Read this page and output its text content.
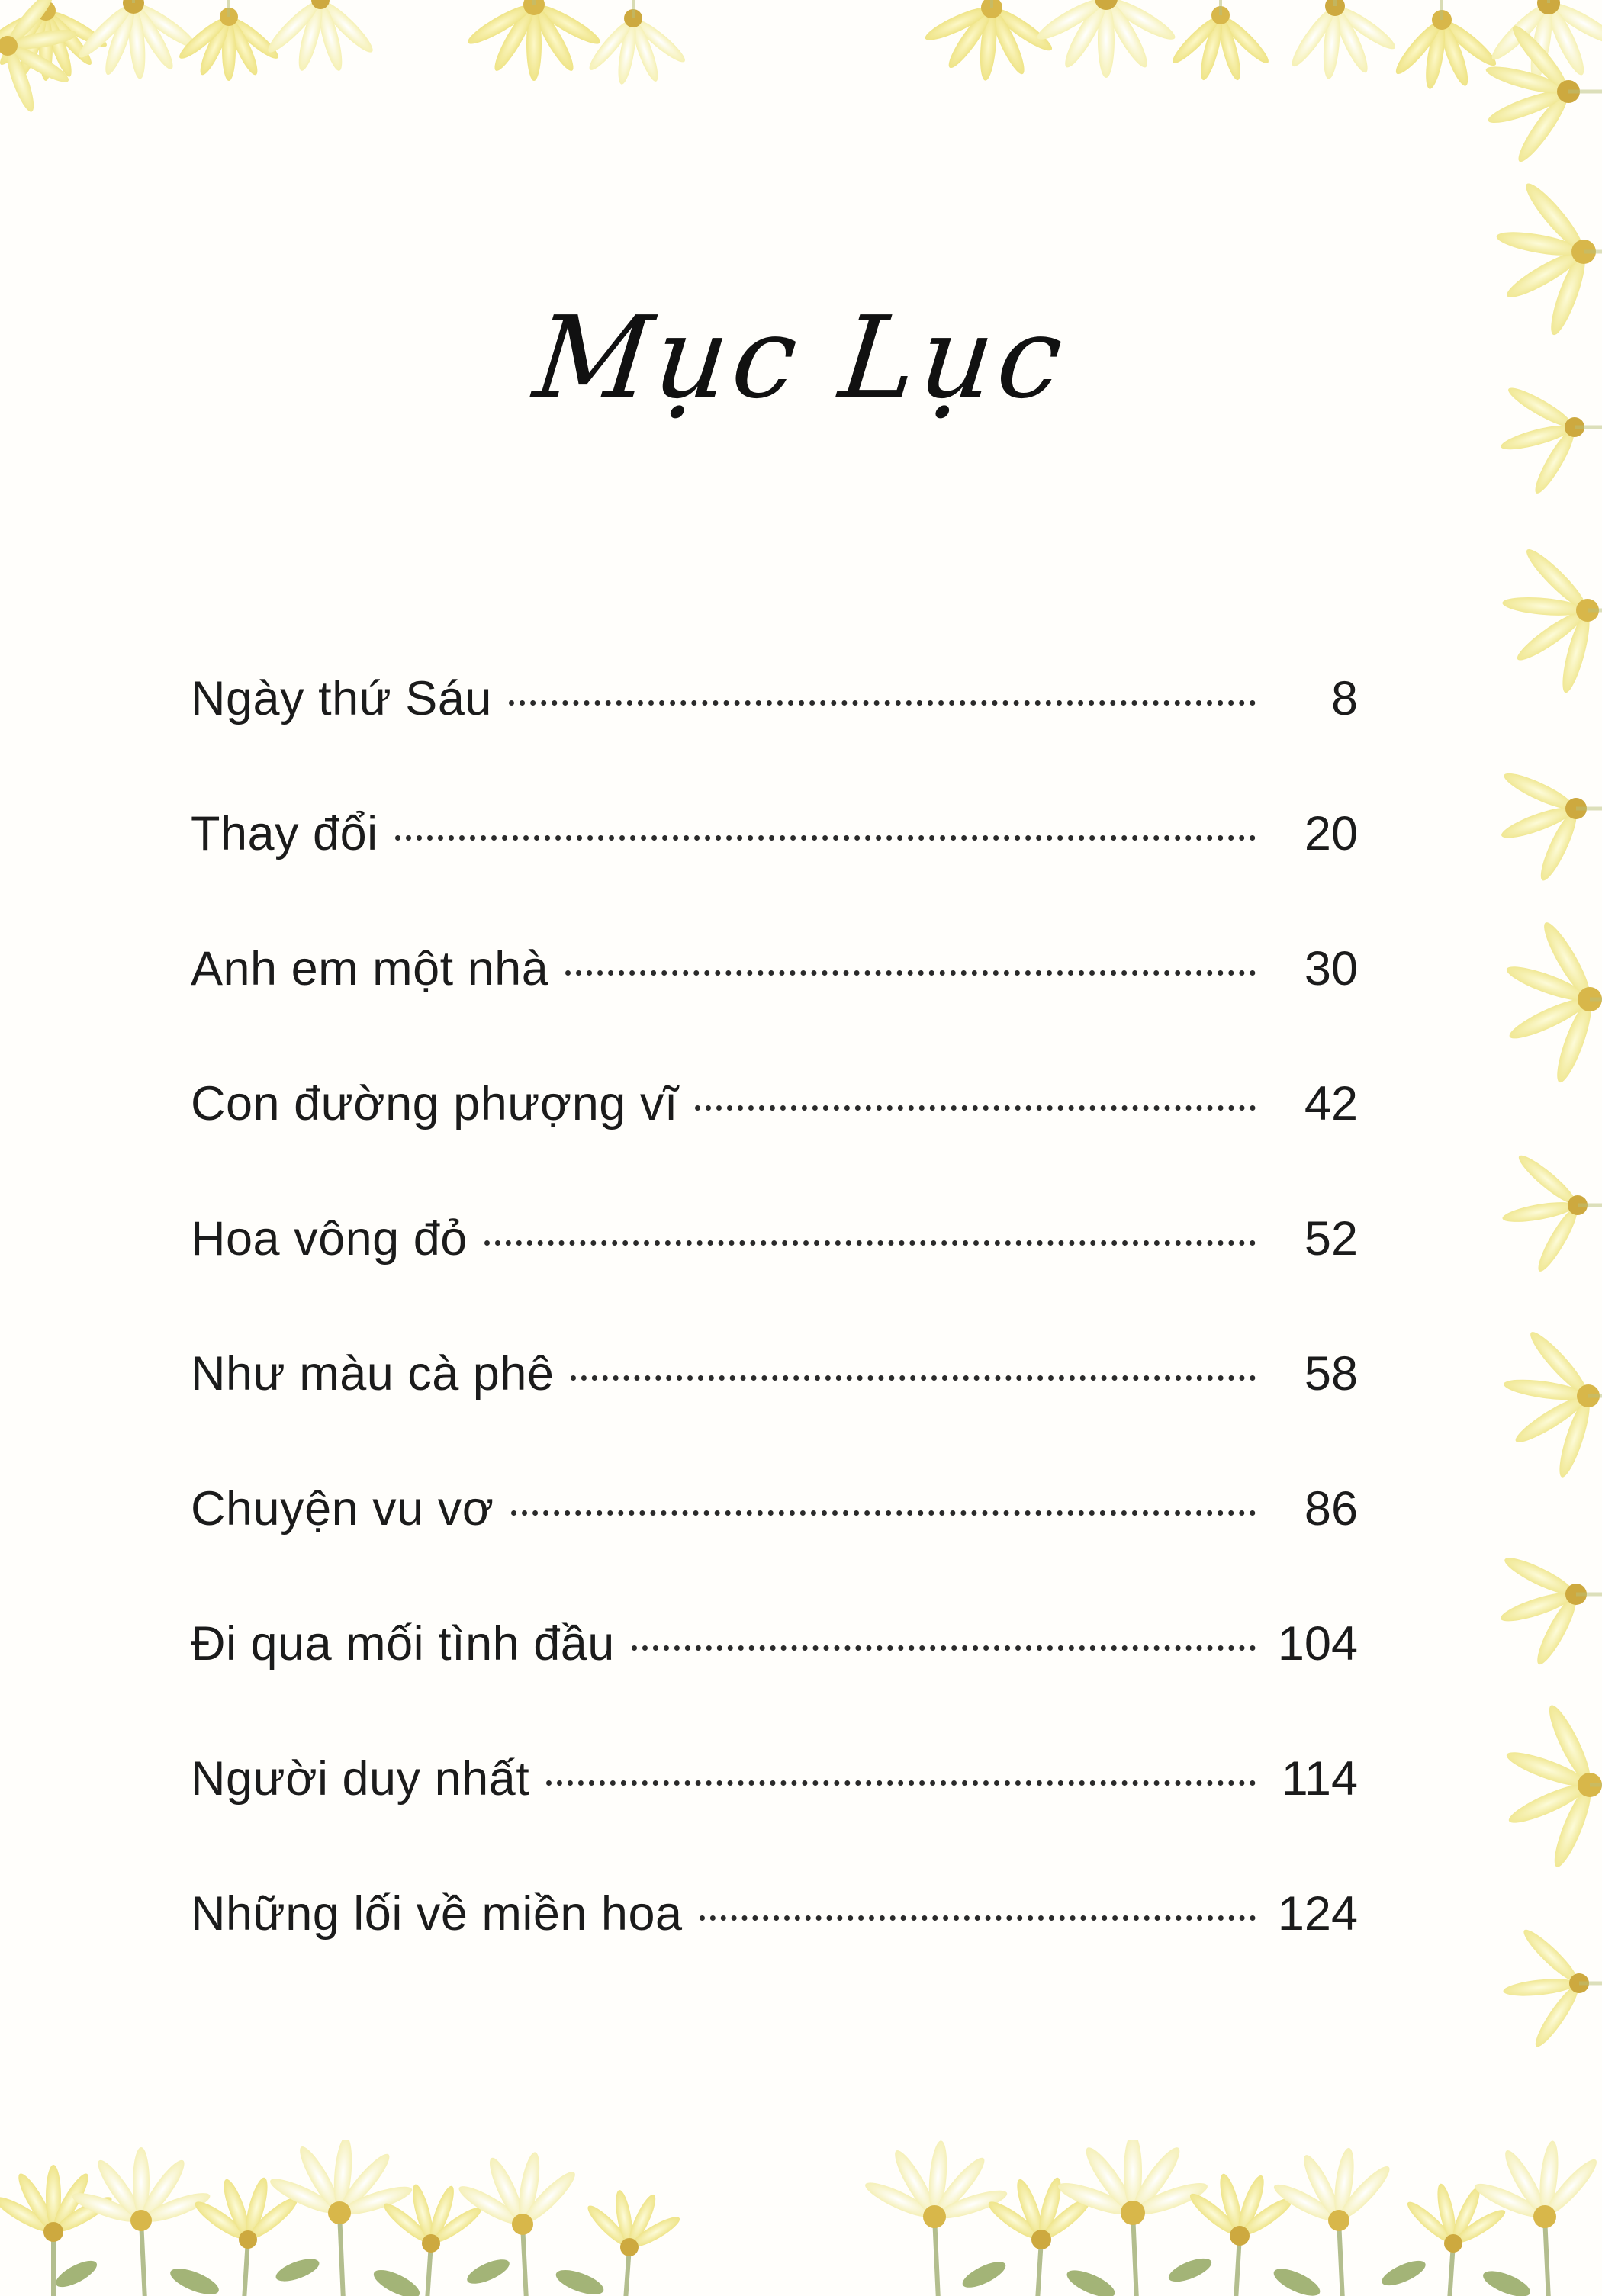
Mục Lục
Ngày thứ Sáu	8
Thay đổi	20
Anh em một nhà	30
Con đường phượng vĩ	42
Hoa vông đỏ	52
Như màu cà phê	58
Chuyện vu vơ	86
Đi qua mối tình đầu	104
Người duy nhất	114
Những lối về miền hoa	124
